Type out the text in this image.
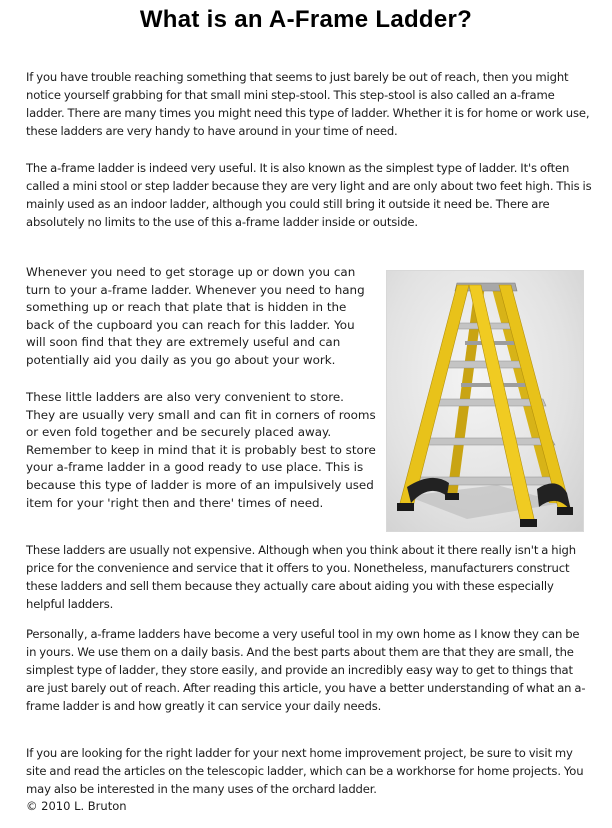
What is an A-Frame Ladder?

If you have trouble reaching something that seems to just barely be out of reach, then you might notice yourself grabbing for that small mini step-stool. This step-stool is also called an a-frame ladder. There are many times you might need this type of ladder. Whether it is for home or work use, these ladders are very handy to have around in your time of need.

The a-frame ladder is indeed very useful. It is also known as the simplest type of ladder. It's often called a mini stool or step ladder because they are very light and are only about two feet high. This is mainly used as an indoor ladder, although you could still bring it outside it need be. There are absolutely no limits to the use of this a-frame ladder inside or outside.

Whenever you need to get storage up or down you can turn to your a-frame ladder. Whenever you need to hang something up or reach that plate that is hidden in the back of the cupboard you can reach for this ladder. You will soon find that they are extremely useful and can potentially aid you daily as you go about your work.

These little ladders are also very convenient to store. They are usually very small and can fit in corners of rooms or even fold together and be securely placed away. Remember to keep in mind that it is probably best to store your a-frame ladder in a good ready to use place. This is because this type of ladder is more of an impulsively used item for your 'right then and there' times of need.

These ladders are usually not expensive. Although when you think about it there really isn't a high price for the convenience and service that it offers to you. Nonetheless, manufacturers construct these ladders and sell them because they actually care about aiding you with these especially helpful ladders.

Personally, a-frame ladders have become a very useful tool in my own home as I know they can be in yours. We use them on a daily basis. And the best parts about them are that they are small, the simplest type of ladder, they store easily, and provide an incredibly easy way to get to things that are just barely out of reach. After reading this article, you have a better understanding of what an a-frame ladder is and how greatly it can service your daily needs.

If you are looking for the right ladder for your next home improvement project, be sure to visit my site and read the articles on the telescopic ladder, which can be a workhorse for home projects. You may also be interested in the many uses of the orchard ladder.

© 2010 L. Bruton
